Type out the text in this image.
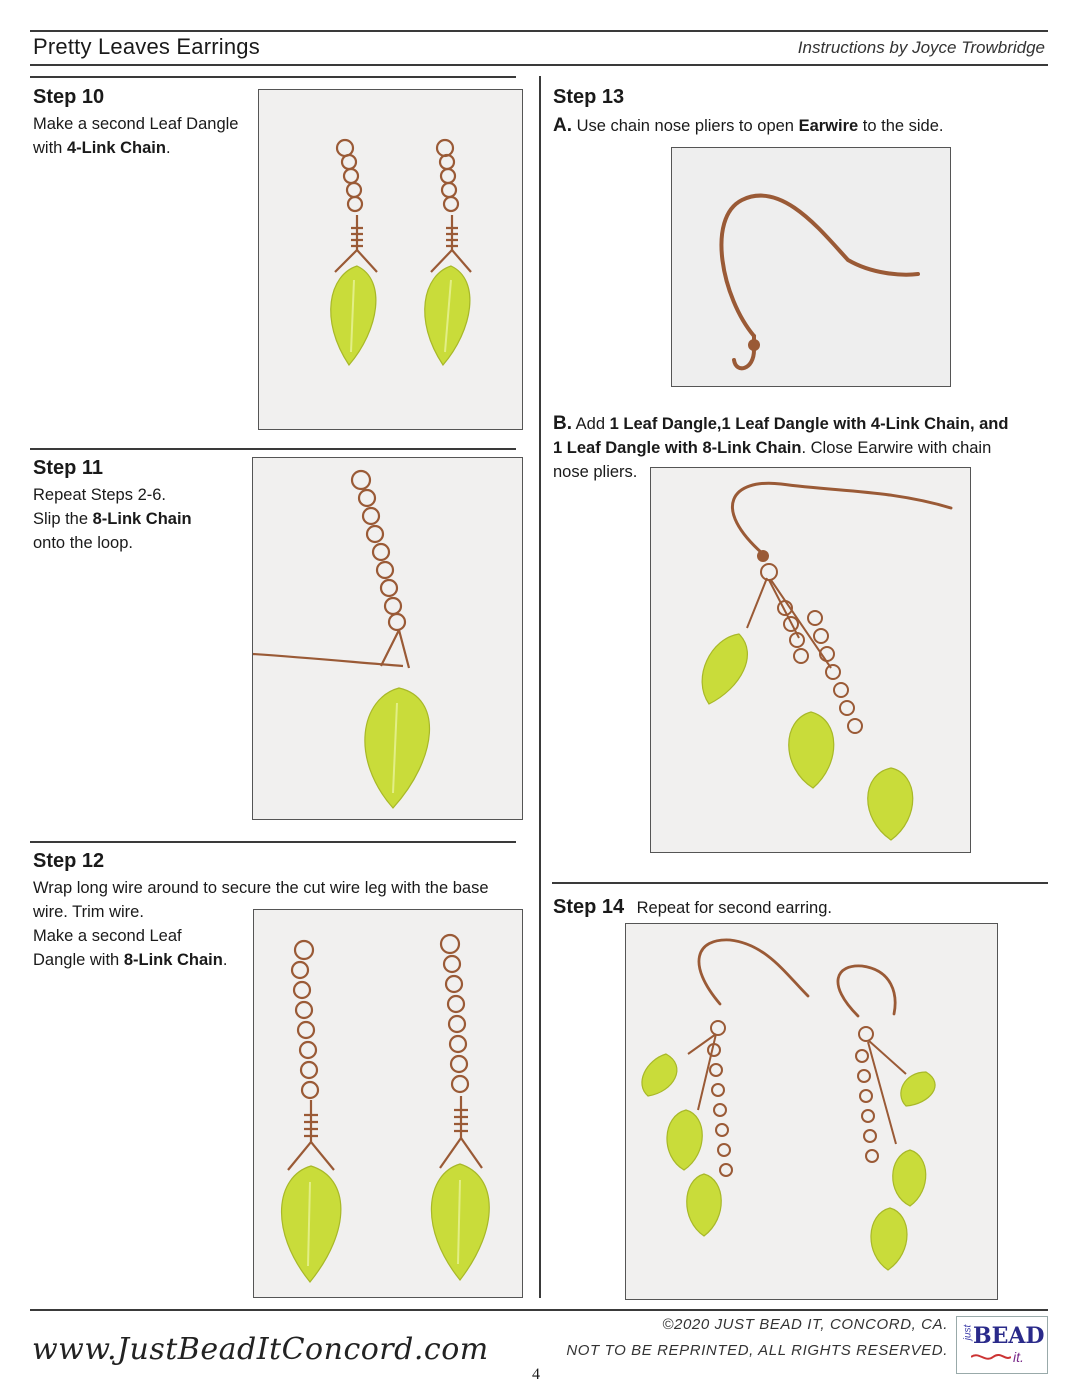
Pretty Leaves Earrings	Instructions by Joyce Trowbridge
Step 10
Make a second Leaf Dangle
with 4-Link Chain.
Step 11
Repeat Steps 2-6.
Slip the 8-Link Chain
onto the loop.
Step 12
Wrap long wire around to secure the cut wire leg with the base
wire. Trim wire.
Make a second Leaf
Dangle with 8-Link Chain.
Step 13
A. Use chain nose pliers to open Earwire to the side.
B. Add 1 Leaf Dangle,1 Leaf Dangle with 4-Link Chain, and
1 Leaf Dangle with 8-Link Chain. Close Earwire with chain
nose pliers.
Step 14 Repeat for second earring.
www.JustBeadItConcord.com
4
©2020 JUST BEAD IT, CONCORD, CA.
NOT TO BE REPRINTED, ALL RIGHTS RESERVED.
just BEAD
it.
